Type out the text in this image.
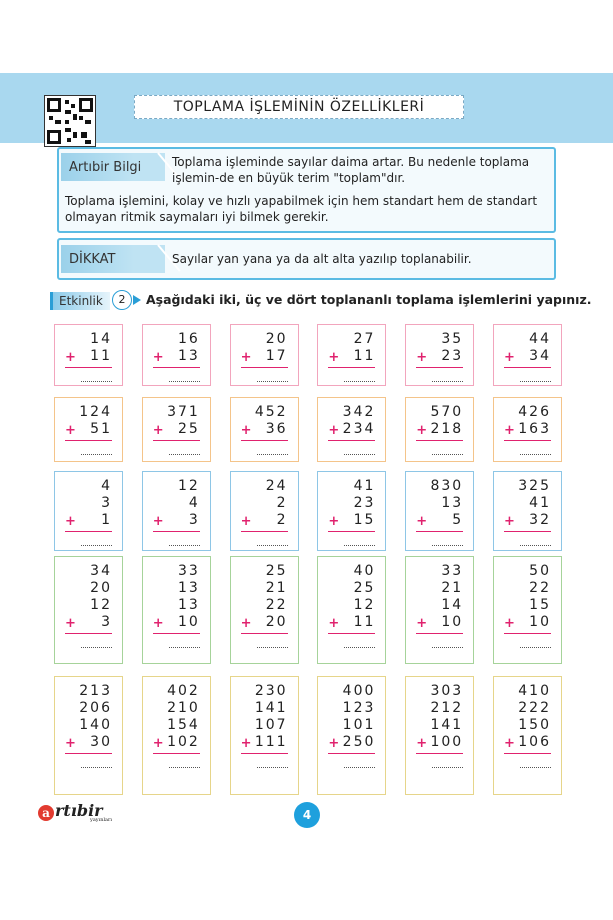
TOPLAMA İŞLEMİNİN ÖZELLİKLERİ
Artıbir Bilgi	Toplama işleminde sayılar daima artar. Bu nedenle toplama işlemin-de en büyük terim "toplam"dır.
Toplama işlemini, kolay ve hızlı yapabilmek için hem standart hem de standart olmayan ritmik saymaları iyi bilmek gerekir.
DİKKAT	Sayılar yan yana ya da alt alta yazılıp toplanabilir.
Etkinlik	2	Aşağıdaki iki, üç ve dört toplananlı toplama işlemlerini yapınız.
14
11
+
16
13
+
20
17
+
27
11
+
35
23
+
44
34
+
124
51
+
371
25
+
452
36
+
342
234
+
570
218
+
426
163
+
4
3
1
+
12
4
3
+
24
2
2
+
41
23
15
+
830
13
5
+
325
41
32
+
34
20
12
3
+
33
13
13
10
+
25
21
22
20
+
40
25
12
11
+
33
21
14
10
+
50
22
15
10
+
213
206
140
30
+
402
210
154
102
+
230
141
107
111
+
400
123
101
250
+
303
212
141
100
+
410
222
150
106
+
a rtıbir
yayınları	4
